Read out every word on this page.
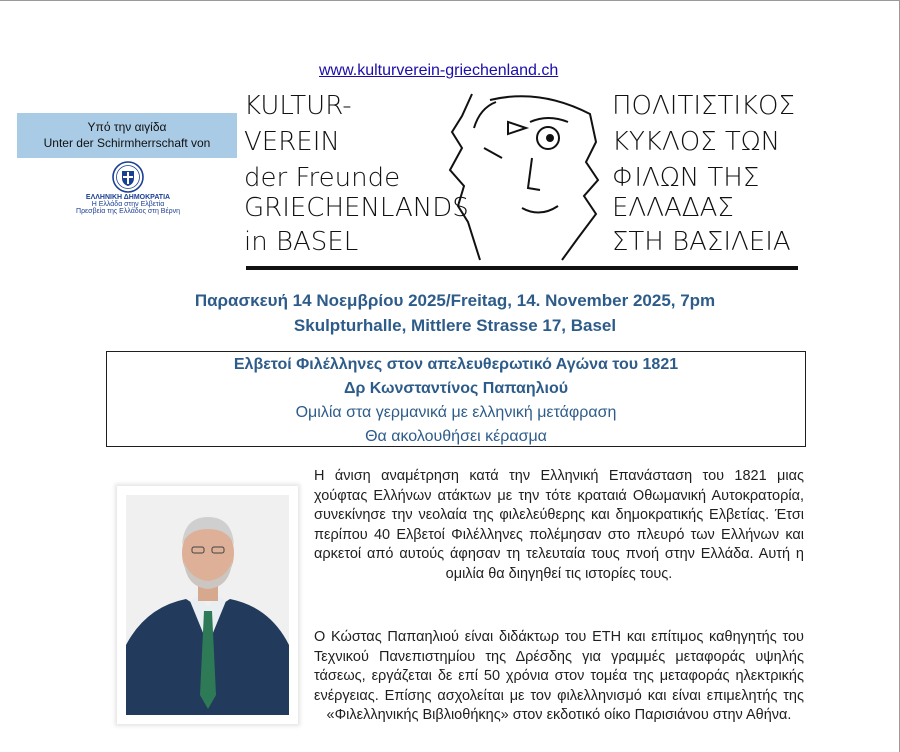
www.kulturverein-griechenland.ch
Υπό την αιγίδα
Unter der Schirmherrschaft von
ΕΛΛΗΝΙΚΗ ΔΗΜΟΚΡΑΤΙΑ
Η Ελλάδα στην Ελβετία
Πρεσβεία της Ελλάδος στη Βέρνη
KULTUR-
VEREIN
der Freunde
GRIECHENLANDS
in BASEL
ΠΟΛΙΤΙΣΤΙΚΟΣ
ΚΥΚΛΟΣ ΤΩΝ
ΦΙΛΩΝ ΤΗΣ
ΕΛΛΑΔΑΣ
ΣΤΗ ΒΑΣΙΛΕΙΑ
Παρασκευή 14 Νοεμβρίου 2025/Freitag, 14. November 2025, 7pm
Skulpturhalle, Mittlere Strasse 17, Basel
Ελβετοί Φιλέλληνες στον απελευθερωτικό Αγώνα του 1821
Δρ Κωνσταντίνος Παπαηλιού
Ομιλία στα γερμανικά με ελληνική μετάφραση
Θα ακολουθήσει κέρασμα
Η άνιση αναμέτρηση κατά την Ελληνική Επανάσταση του 1821 μιας χούφτας Ελλήνων ατάκτων με την τότε κραταιά Οθωμανική Αυτοκρατορία, συνεκίνησε την νεολαία της φιλελεύθερης και δημοκρατικής Ελβετίας. Έτσι περίπου 40 Ελβετοί Φιλέλληνες πολέμησαν στο πλευρό των Ελλήνων και αρκετοί από αυτούς άφησαν τη τελευταία τους πνοή στην Ελλάδα. Αυτή η ομιλία θα διηγηθεί τις ιστορίες τους.
Ο Κώστας Παπαηλιού είναι διδάκτωρ του ΕΤΗ και επίτιμος καθηγητής του Τεχνικού Πανεπιστημίου της Δρέσδης για γραμμές μεταφοράς υψηλής τάσεως, εργάζεται δε επί 50 χρόνια στον τομέα της μεταφοράς ηλεκτρικής ενέργειας. Επίσης ασχολείται με τον φιλελληνισμό και είναι επιμελητής της «Φιλελληνικής Βιβλιοθήκης» στον εκδοτικό οίκο Παρισιάνου στην Αθήνα.
